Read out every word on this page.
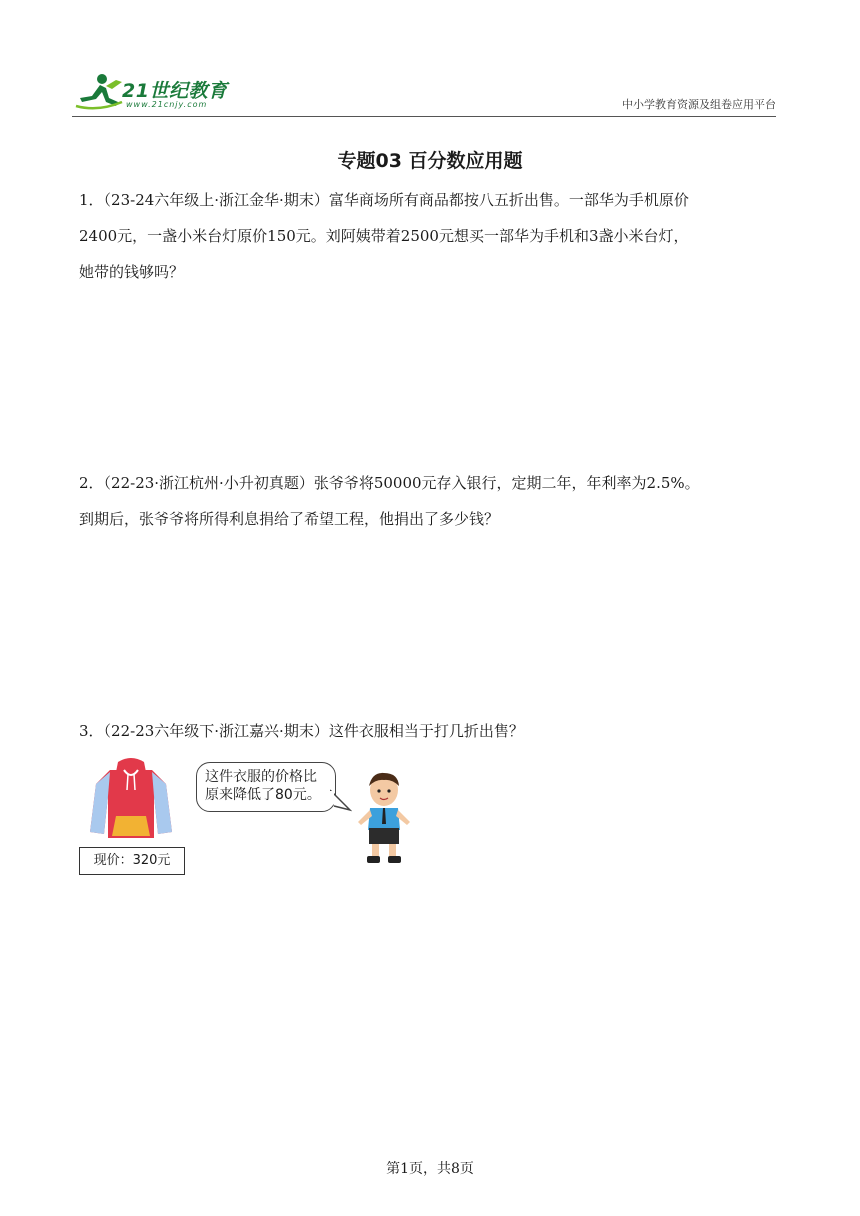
21世纪教育
www.21cnjy.com	中小学教育资源及组卷应用平台
专题03 百分数应用题
1．（23-24六年级上·浙江金华·期末）富华商场所有商品都按八五折出售。一部华为手机原价
2400元，一盏小米台灯原价150元。刘阿姨带着2500元想买一部华为手机和3盏小米台灯，
她带的钱够吗？
2．（22-23·浙江杭州·小升初真题）张爷爷将50000元存入银行，定期二年，年利率为2.5%。
到期后，张爷爷将所得利息捐给了希望工程，他捐出了多少钱？
3．（22-23六年级下·浙江嘉兴·期末）这件衣服相当于打几折出售？
现价：320元
这件衣服的价格比
原来降低了80元。
第1页，共8页
